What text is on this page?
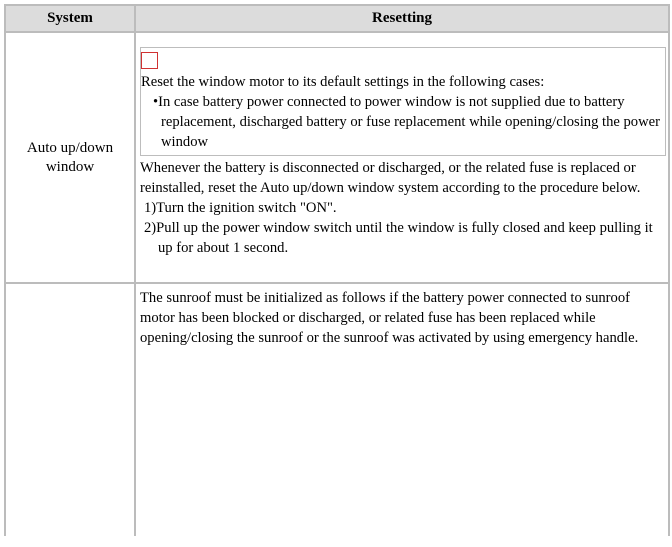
System	Resetting
Auto up/down window	Reset the window motor to its default settings in the following cases:
•In case battery power connected to power window is not supplied due to battery replacement, discharged battery or fuse replacement while opening/closing the power window
Whenever the battery is disconnected or discharged, or the related fuse is replaced or reinstalled, reset the Auto up/down window system according to the procedure below.
1)Turn the ignition switch "ON".
2)Pull up the power window switch until the window is fully closed and keep pulling it up for about 1 second.

	The sunroof must be initialized as follows if the battery power connected to sunroof motor has been blocked or discharged, or related fuse has been replaced while opening/closing the sunroof or the sunroof was activated by using emergency handle.
